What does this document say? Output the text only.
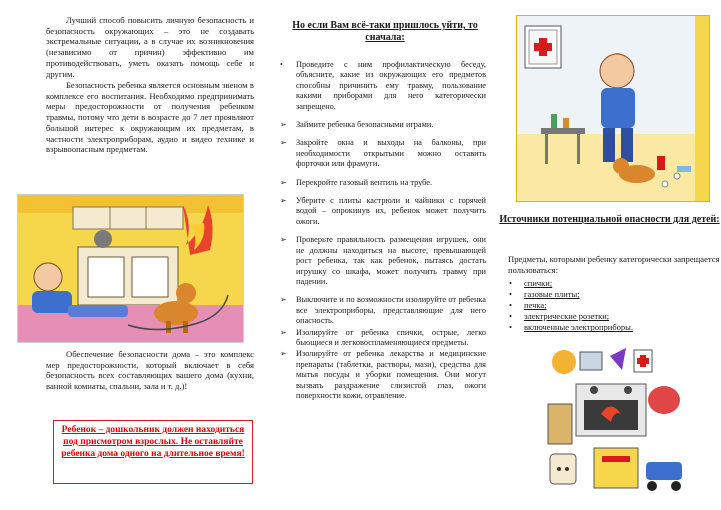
Лучший способ повысить личную безопасность и безопасность окружающих – это не создавать экстремальные ситуации, а в случае их возникновения (независимо от причин) эффективно им противодействовать, уметь оказать помощь себе и другим.

Безопасность ребенка является основным звеном в комплексе его воспитания. Необходимо предпринимать меры предосторожности от получения ребенком травмы, потому что дети в возрасте до 7 лет проявляют большой интерес к окружающим их предметам, в частности электроприборам, аудио и видео технике и взрывоопасным предметам.

Обеспечение безопасности дома – это комплекс мер предосторожности, который включает в себя безопасность всех составляющих вашего дома (кухни, ванной комнаты, спальни, зала и т. д.)!

Ребенок – дошкольник должен находиться под присмотром взрослых. Не оставляйте ребенка дома одного на длительное время!

Но если Вам всё-таки пришлось уйти, то сначала:

• Проведите с ним профилактическую беседу, объясните, какие из окружающих его предметов способны причинить ему травму, пользование какими приборами для него категорически запрещено.
➢ Займите ребенка безопасными играми.
➢ Закройте окна и выходы на балконы, при необходимости открытыми можно оставить форточки или фрамуги.
➢ Перекройте газовый вентиль на трубе.
➢ Уберите с плиты кастрюли и чайники с горячей водой – опрокинув их, ребенок может получить ожоги.
➢ Проверьте правильность размещения игрушек, они не должны находиться на высоте, превышающей рост ребенка, так как ребенок, пытаясь достать игрушку со шкафа, может получить травму при падении.
➢ Выключите и по возможности изолируйте от ребенка все электроприборы, представляющие для него опасность.
➢ Изолируйте от ребенка спички, острые, легко бьющиеся и легковоспламеняющиеся предметы.
➢ Изолируйте от ребенка лекарства и медицинские препараты (таблетки, растворы, мази), средства для мытья посуды и уборки помещения. Они могут вызвать раздражение слизистой глаз, ожоги поверхности кожи, отравление.

Источники потенциальной опасности для детей:

Предметы, которыми ребенку категорически запрещается пользоваться:

• спички;
• газовые плиты;
• печка;
• электрические розетки;
• включенные электроприборы.
